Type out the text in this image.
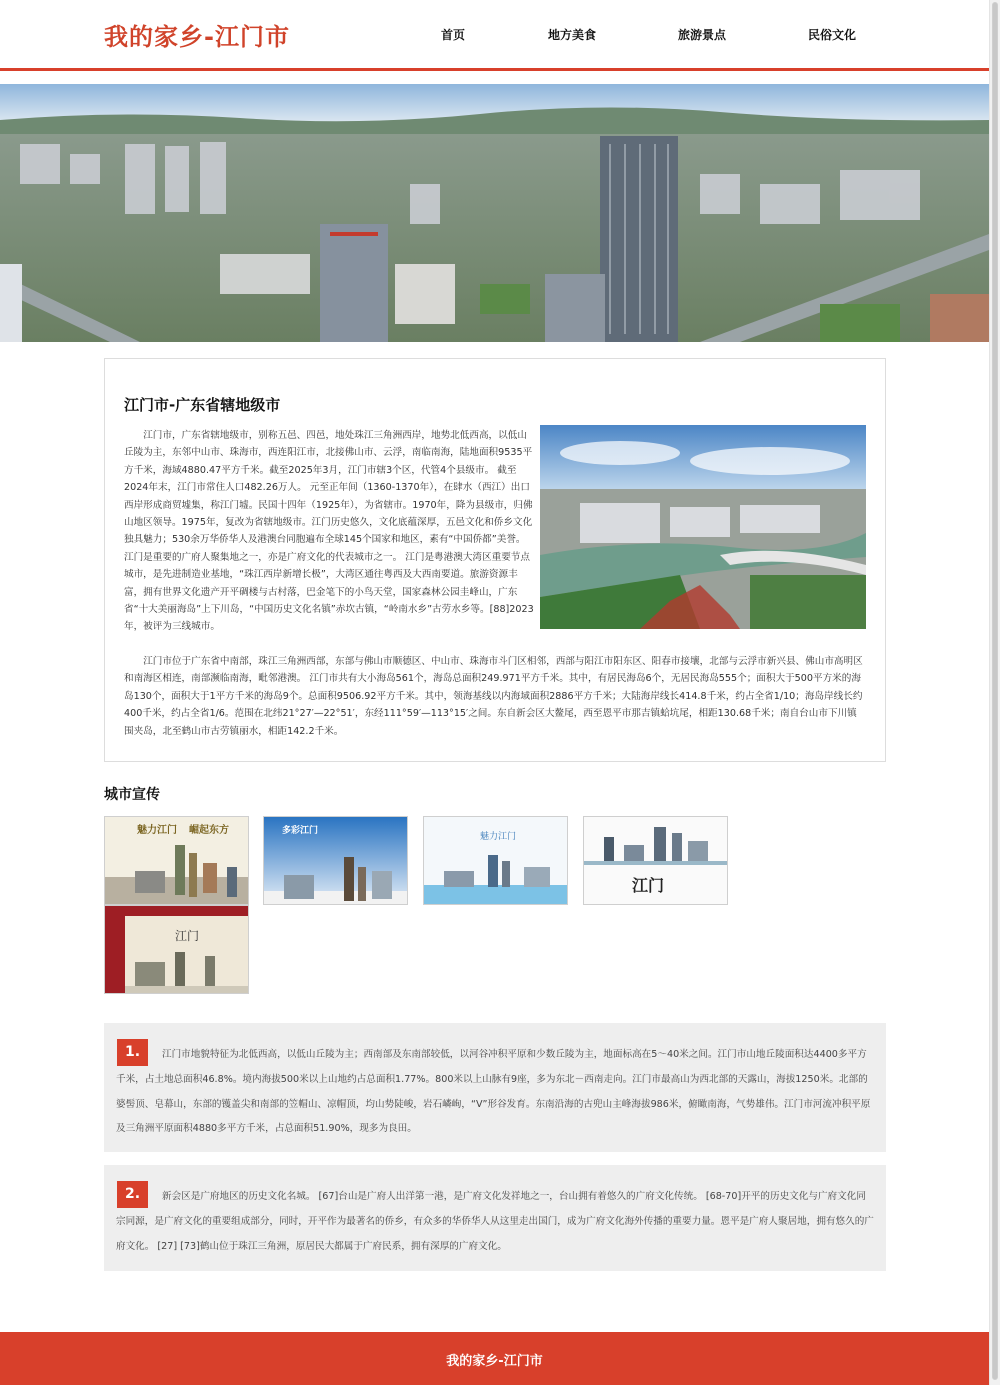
我的家乡-江门市	首页	地方美食	旅游景点	民俗文化
江门市-广东省辖地级市

江门市，广东省辖地级市，别称五邑、四邑，地处珠江三角洲西岸，地势北低西高，以低山丘陵为主，东邻中山市、珠海市，西连阳江市，北接佛山市、云浮，南临南海，陆地面积9535平方千米，海域4880.47平方千米。截至2025年3月，江门市辖3个区，代管4个县级市。 截至2024年末，江门市常住人口482.26万人。 元至正年间（1360-1370年），在肆水（西江）出口西岸形成商贸墟集，称江门墟。民国十四年（1925年），为省辖市。1970年，降为县级市，归佛山地区领导。1975年，复改为省辖地级市。江门历史悠久，文化底蕴深厚，五邑文化和侨乡文化独具魅力；530余万华侨华人及港澳台同胞遍布全球145个国家和地区，素有“中国侨都”美誉。江门是重要的广府人聚集地之一，亦是广府文化的代表城市之一。 江门是粤港澳大湾区重要节点城市，是先进制造业基地，“珠江西岸新增长极”，大湾区通往粤西及大西南要道。旅游资源丰富，拥有世界文化遗产开平碉楼与古村落，巴金笔下的小鸟天堂，国家森林公园圭峰山，广东省“十大美丽海岛”上下川岛，“中国历史文化名镇”赤坎古镇，“岭南水乡”古劳水乡等。[88]2023年，被评为三线城市。

江门市位于广东省中南部，珠江三角洲西部，东部与佛山市顺德区、中山市、珠海市斗门区相邻，西部与阳江市阳东区、阳春市接壤，北部与云浮市新兴县、佛山市高明区和南海区相连，南部濒临南海，毗邻港澳。 江门市共有大小海岛561个，海岛总面积249.971平方千米。其中，有居民海岛6个，无居民海岛555个；面积大于500平方米的海岛130个，面积大于1平方千米的海岛9个。总面积9506.92平方千米。其中，领海基线以内海域面积2886平方千米；大陆海岸线长414.8千米，约占全省1/10；海岛岸线长约400千米，约占全省1/6。范围在北纬21°27′—22°51′，东经111°59′—113°15′之间。东自新会区大鳌尾，西至恩平市那吉镇蛤坑尾，相距130.68千米；南自台山市下川镇围夹岛，北至鹤山市古劳镇丽水，相距142.2千米。

城市宣传
魅力江门 崛起东方	多彩江门
魅力江门
江门
江门

江门市地貌特征为北低西高，以低山丘陵为主；西南部及东南部较低，以河谷冲积平原和少数丘陵为主，地面标高在5～40米之间。江门市山地丘陵面积达4400多平方千米，占土地总面积46.8%。境内海拔500米以上山地约占总面积1.77%。800米以上山脉有9座，多为东北－西南走向。江门市最高山为西北部的天露山，海拔1250米。北部的婆髻顶、皂幕山，东部的镬盖尖和南部的笠帽山、凉帽顶，均山势陡峻，岩石嶙峋，“V”形谷发育。东南沿海的古兜山主峰海拔986米，俯瞰南海，气势雄伟。江门市河流冲积平原及三角洲平原面积4880多平方千米，占总面积51.90%，现多为良田。

1.

新会区是广府地区的历史文化名城。 [67]台山是广府人出洋第一港，是广府文化发祥地之一，台山拥有着悠久的广府文化传统。 [68-70]开平的历史文化与广府文化同宗同源，是广府文化的重要组成部分，同时，开平作为最著名的侨乡，有众多的华侨华人从这里走出国门，成为广府文化海外传播的重要力量。恩平是广府人聚居地，拥有悠久的广府文化。 [27] [73]鹤山位于珠江三角洲，原居民大都属于广府民系，拥有深厚的广府文化。

2.
我的家乡-江门市
